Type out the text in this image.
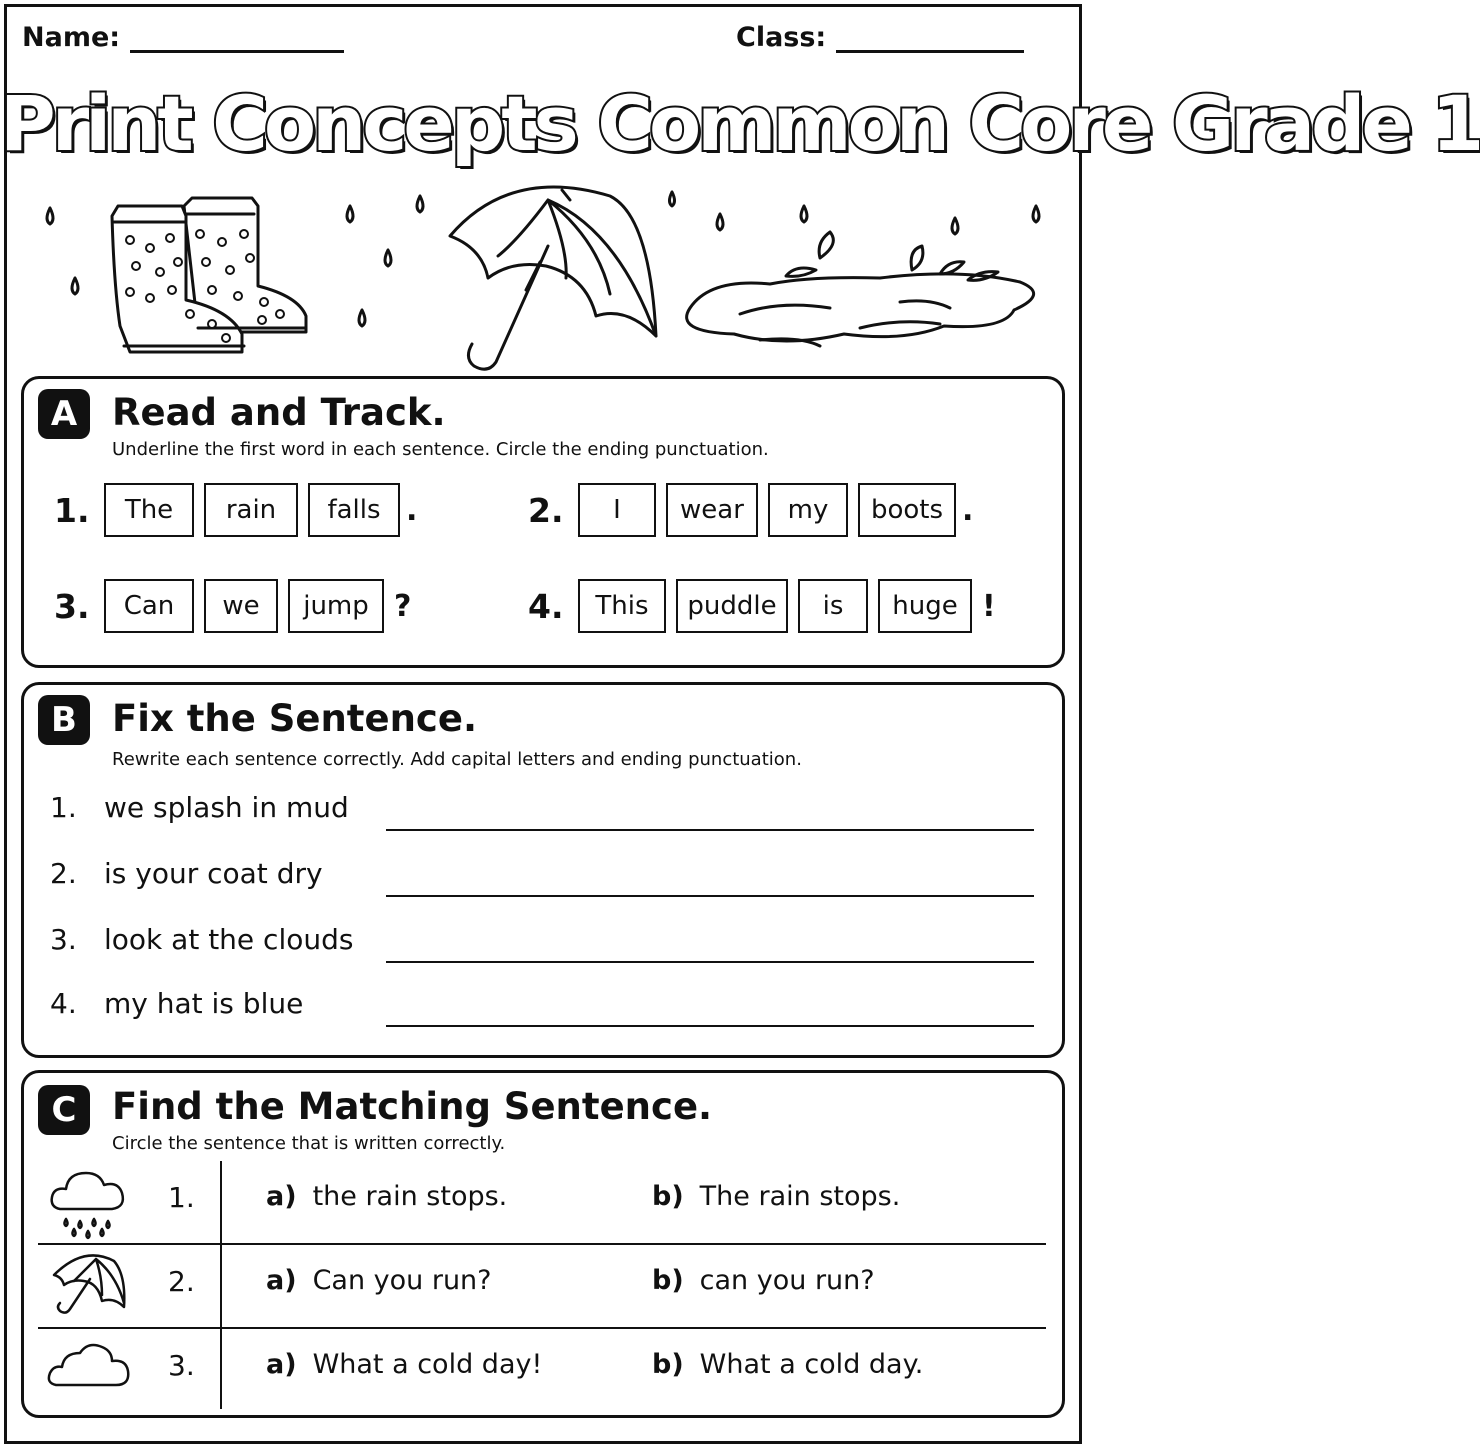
Name:	Class:
Print Concepts Common Core Grade 1
A Read and Track.
Underline the first word in each sentence. Circle the ending punctuation.
1.	The	rain	falls .	2.	I	wear	my	boots .
3.	Can	we	jump ?	4.	This	puddle	is	huge !
B Fix the Sentence.
Rewrite each sentence correctly. Add capital letters and ending punctuation.
1. we splash in mud
2. is your coat dry
3. look at the clouds
4. my hat is blue
C Find the Matching Sentence.
Circle the sentence that is written correctly.
1.	a) the rain stops.	b) The rain stops.
2.	a) Can you run?	b) can you run?
3.	a) What a cold day!	b) What a cold day.
